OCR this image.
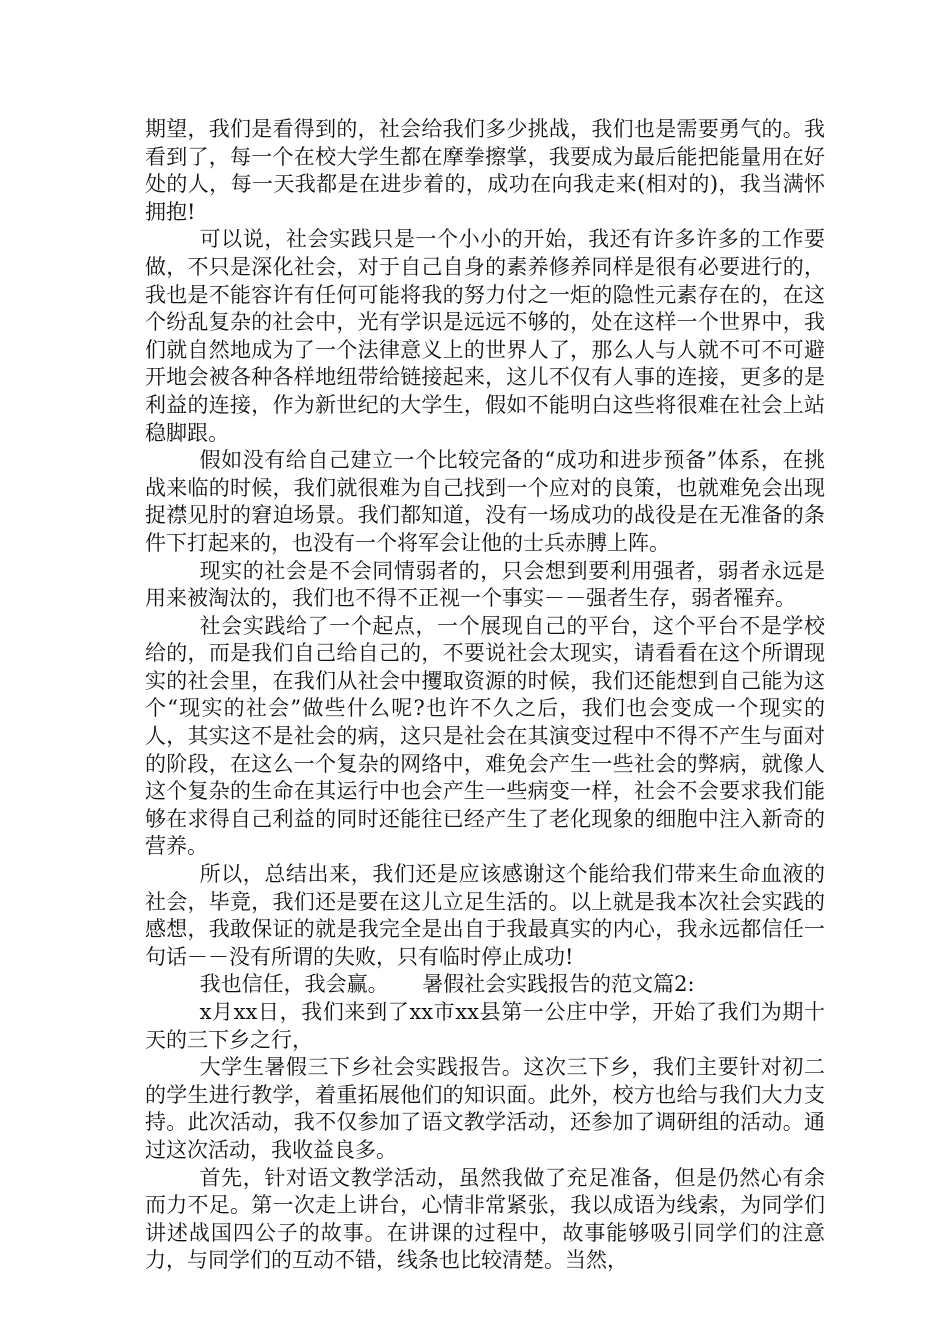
期望，我们是看得到的，社会给我们多少挑战，我们也是需要勇气的。我看到了，每一个在校大学生都在摩拳擦掌，我要成为最后能把能量用在好处的人，每一天我都是在进步着的，成功在向我走来(相对的)，我当满怀拥抱!

可以说，社会实践只是一个小小的开始，我还有许多许多的工作要做，不只是深化社会，对于自己自身的素养修养同样是很有必要进行的，我也是不能容许有任何可能将我的努力付之一炬的隐性元素存在的，在这个纷乱复杂的社会中，光有学识是远远不够的，处在这样一个世界中，我们就自然地成为了一个法律意义上的世界人了，那么人与人就不可不可避开地会被各种各样地纽带给链接起来，这儿不仅有人事的连接，更多的是利益的连接，作为新世纪的大学生，假如不能明白这些将很难在社会上站稳脚跟。

假如没有给自己建立一个比较完备的“成功和进步预备”体系，在挑战来临的时候，我们就很难为自己找到一个应对的良策，也就难免会出现捉襟见肘的窘迫场景。我们都知道，没有一场成功的战役是在无准备的条件下打起来的，也没有一个将军会让他的士兵赤膊上阵。

现实的社会是不会同情弱者的，只会想到要利用强者，弱者永远是用来被淘汰的，我们也不得不正视一个事实－－强者生存，弱者罹弃。

社会实践给了一个起点，一个展现自己的平台，这个平台不是学校给的，而是我们自己给自己的，不要说社会太现实，请看看在这个所谓现实的社会里，在我们从社会中攫取资源的时候，我们还能想到自己能为这个“现实的社会”做些什么呢?也许不久之后，我们也会变成一个现实的人，其实这不是社会的病，这只是社会在其演变过程中不得不产生与面对的阶段，在这么一个复杂的网络中，难免会产生一些社会的弊病，就像人这个复杂的生命在其运行中也会产生一些病变一样，社会不会要求我们能够在求得自己利益的同时还能往已经产生了老化现象的细胞中注入新奇的营养。

所以，总结出来，我们还是应该感谢这个能给我们带来生命血液的社会，毕竟，我们还是要在这儿立足生活的。以上就是我本次社会实践的感想，我敢保证的就是我完全是出自于我最真实的内心，我永远都信任一句话－－没有所谓的失败，只有临时停止成功!

我也信任，我会赢。 暑假社会实践报告的范文篇2:

x月xx日，我们来到了xx市xx县第一公庄中学，开始了我们为期十天的三下乡之行，

大学生暑假三下乡社会实践报告。这次三下乡，我们主要针对初二的学生进行教学，着重拓展他们的知识面。此外，校方也给与我们大力支持。此次活动，我不仅参加了语文教学活动，还参加了调研组的活动。通过这次活动，我收益良多。

首先，针对语文教学活动，虽然我做了充足准备，但是仍然心有余而力不足。第一次走上讲台，心情非常紧张，我以成语为线索，为同学们讲述战国四公子的故事。在讲课的过程中，故事能够吸引同学们的注意力，与同学们的互动不错，线条也比较清楚。当然，
